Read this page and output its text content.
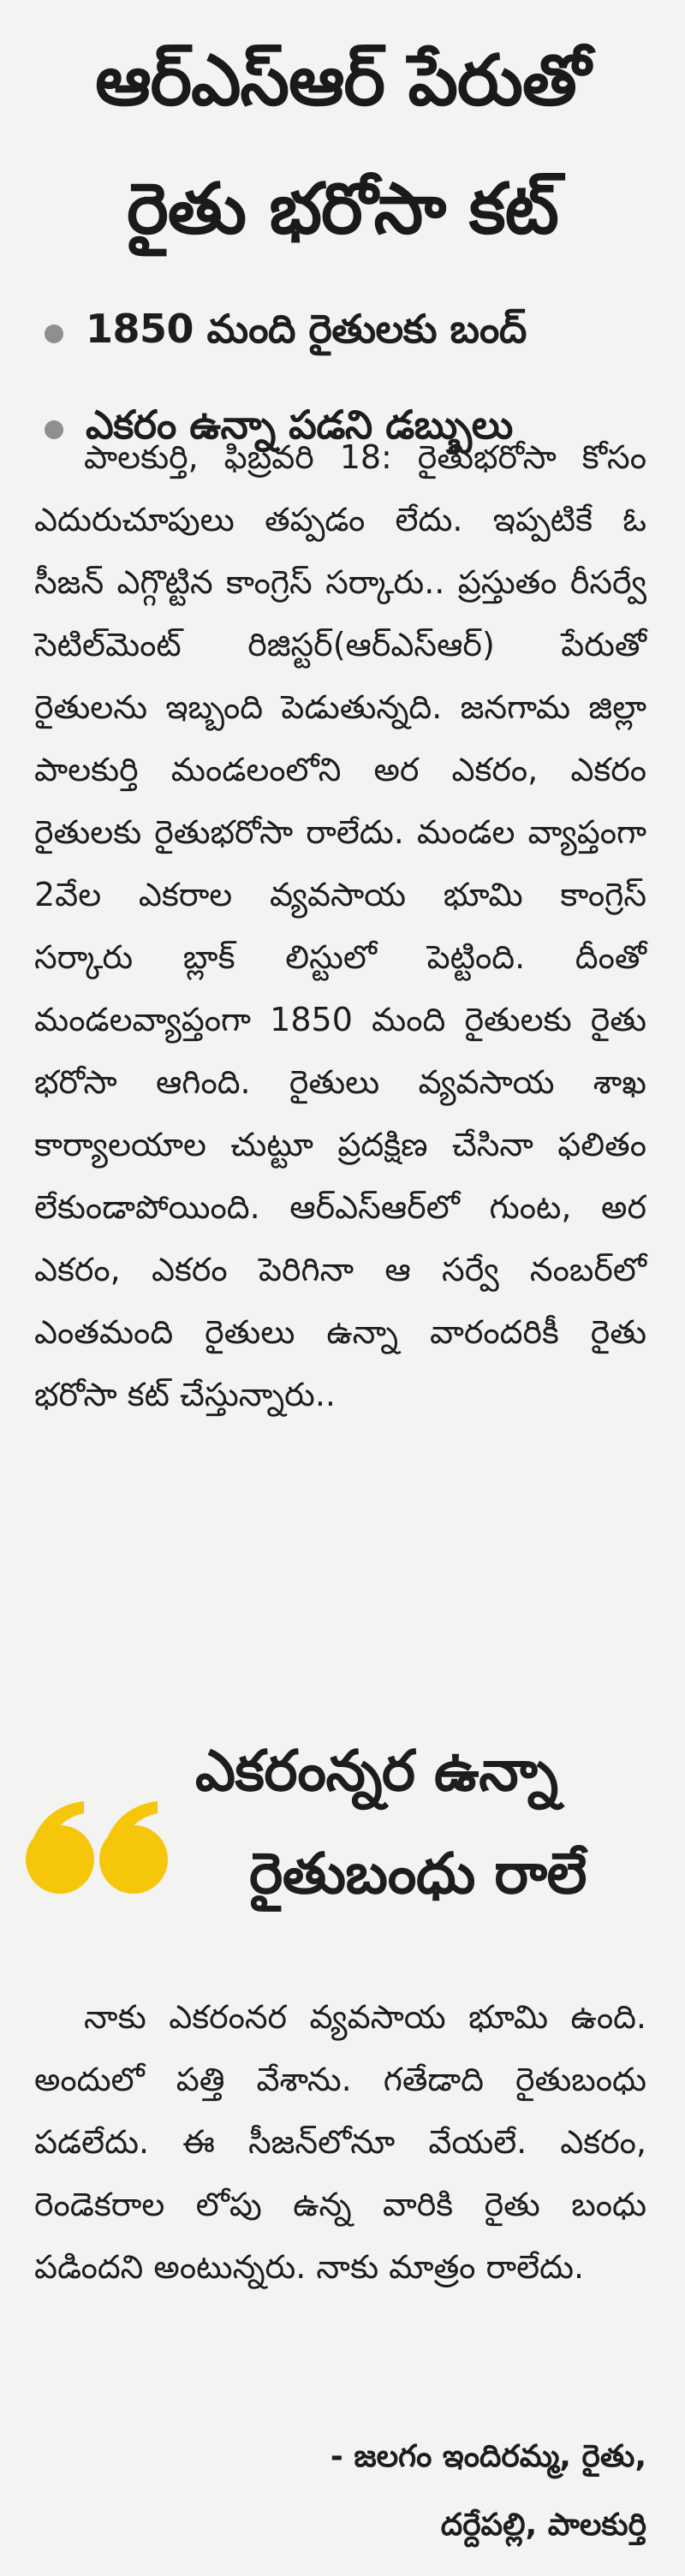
ఆర్ఎస్ఆర్ పేరుతో
రైతు భరోసా కట్
1850 మంది రైతులకు బంద్
ఎకరం ఉన్నా పడని డబ్బులు

పాలకుర్తి, ఫిబ్రవరి 18: రైతుభరోసా కోసం ఎదురుచూపులు తప్పడం లేదు. ఇప్పటికే ఓ సీజన్ ఎగ్గొట్టిన కాంగ్రెస్ సర్కారు.. ప్రస్తుతం రీసర్వే సెటిల్‌మెంట్ రిజిస్టర్(ఆర్ఎస్ఆర్) పేరుతో రైతులను ఇబ్బంది పెడుతున్నది. జనగామ జిల్లా పాలకుర్తి మండలంలోని అర ఎకరం, ఎకరం రైతులకు రైతుభరోసా రాలేదు. మండల వ్యాప్తంగా 2వేల ఎకరాల వ్యవసాయ భూమి కాంగ్రెస్ సర్కారు బ్లాక్ లిస్టులో పెట్టింది. దీంతో మండలవ్యాప్తంగా 1850 మంది రైతులకు రైతు భరోసా ఆగింది. రైతులు వ్యవసాయ శాఖ కార్యాలయాల చుట్టూ ప్రదక్షిణ చేసినా ఫలితం లేకుండాపోయింది. ఆర్ఎస్ఆర్‌లో గుంట, అర ఎకరం, ఎకరం పెరిగినా ఆ సర్వే నంబర్‌లో ఎంతమంది రైతులు ఉన్నా వారందరికీ రైతు భరోసా కట్ చేస్తున్నారు..

ఎకరంన్నర ఉన్నా
రైతుబంధు రాలే

నాకు ఎకరంనర వ్యవసాయ భూమి ఉంది. అందులో పత్తి వేశాను. గతేడాది రైతుబంధు పడలేదు. ఈ సీజన్‌లోనూ వేయలే. ఎకరం, రెండెకరాల లోపు ఉన్న వారికి రైతు బంధు పడిందని అంటున్నరు. నాకు మాత్రం రాలేదు.

- జలగం ఇందిరమ్మ, రైతు,
దర్దేపల్లి, పాలకుర్తి
